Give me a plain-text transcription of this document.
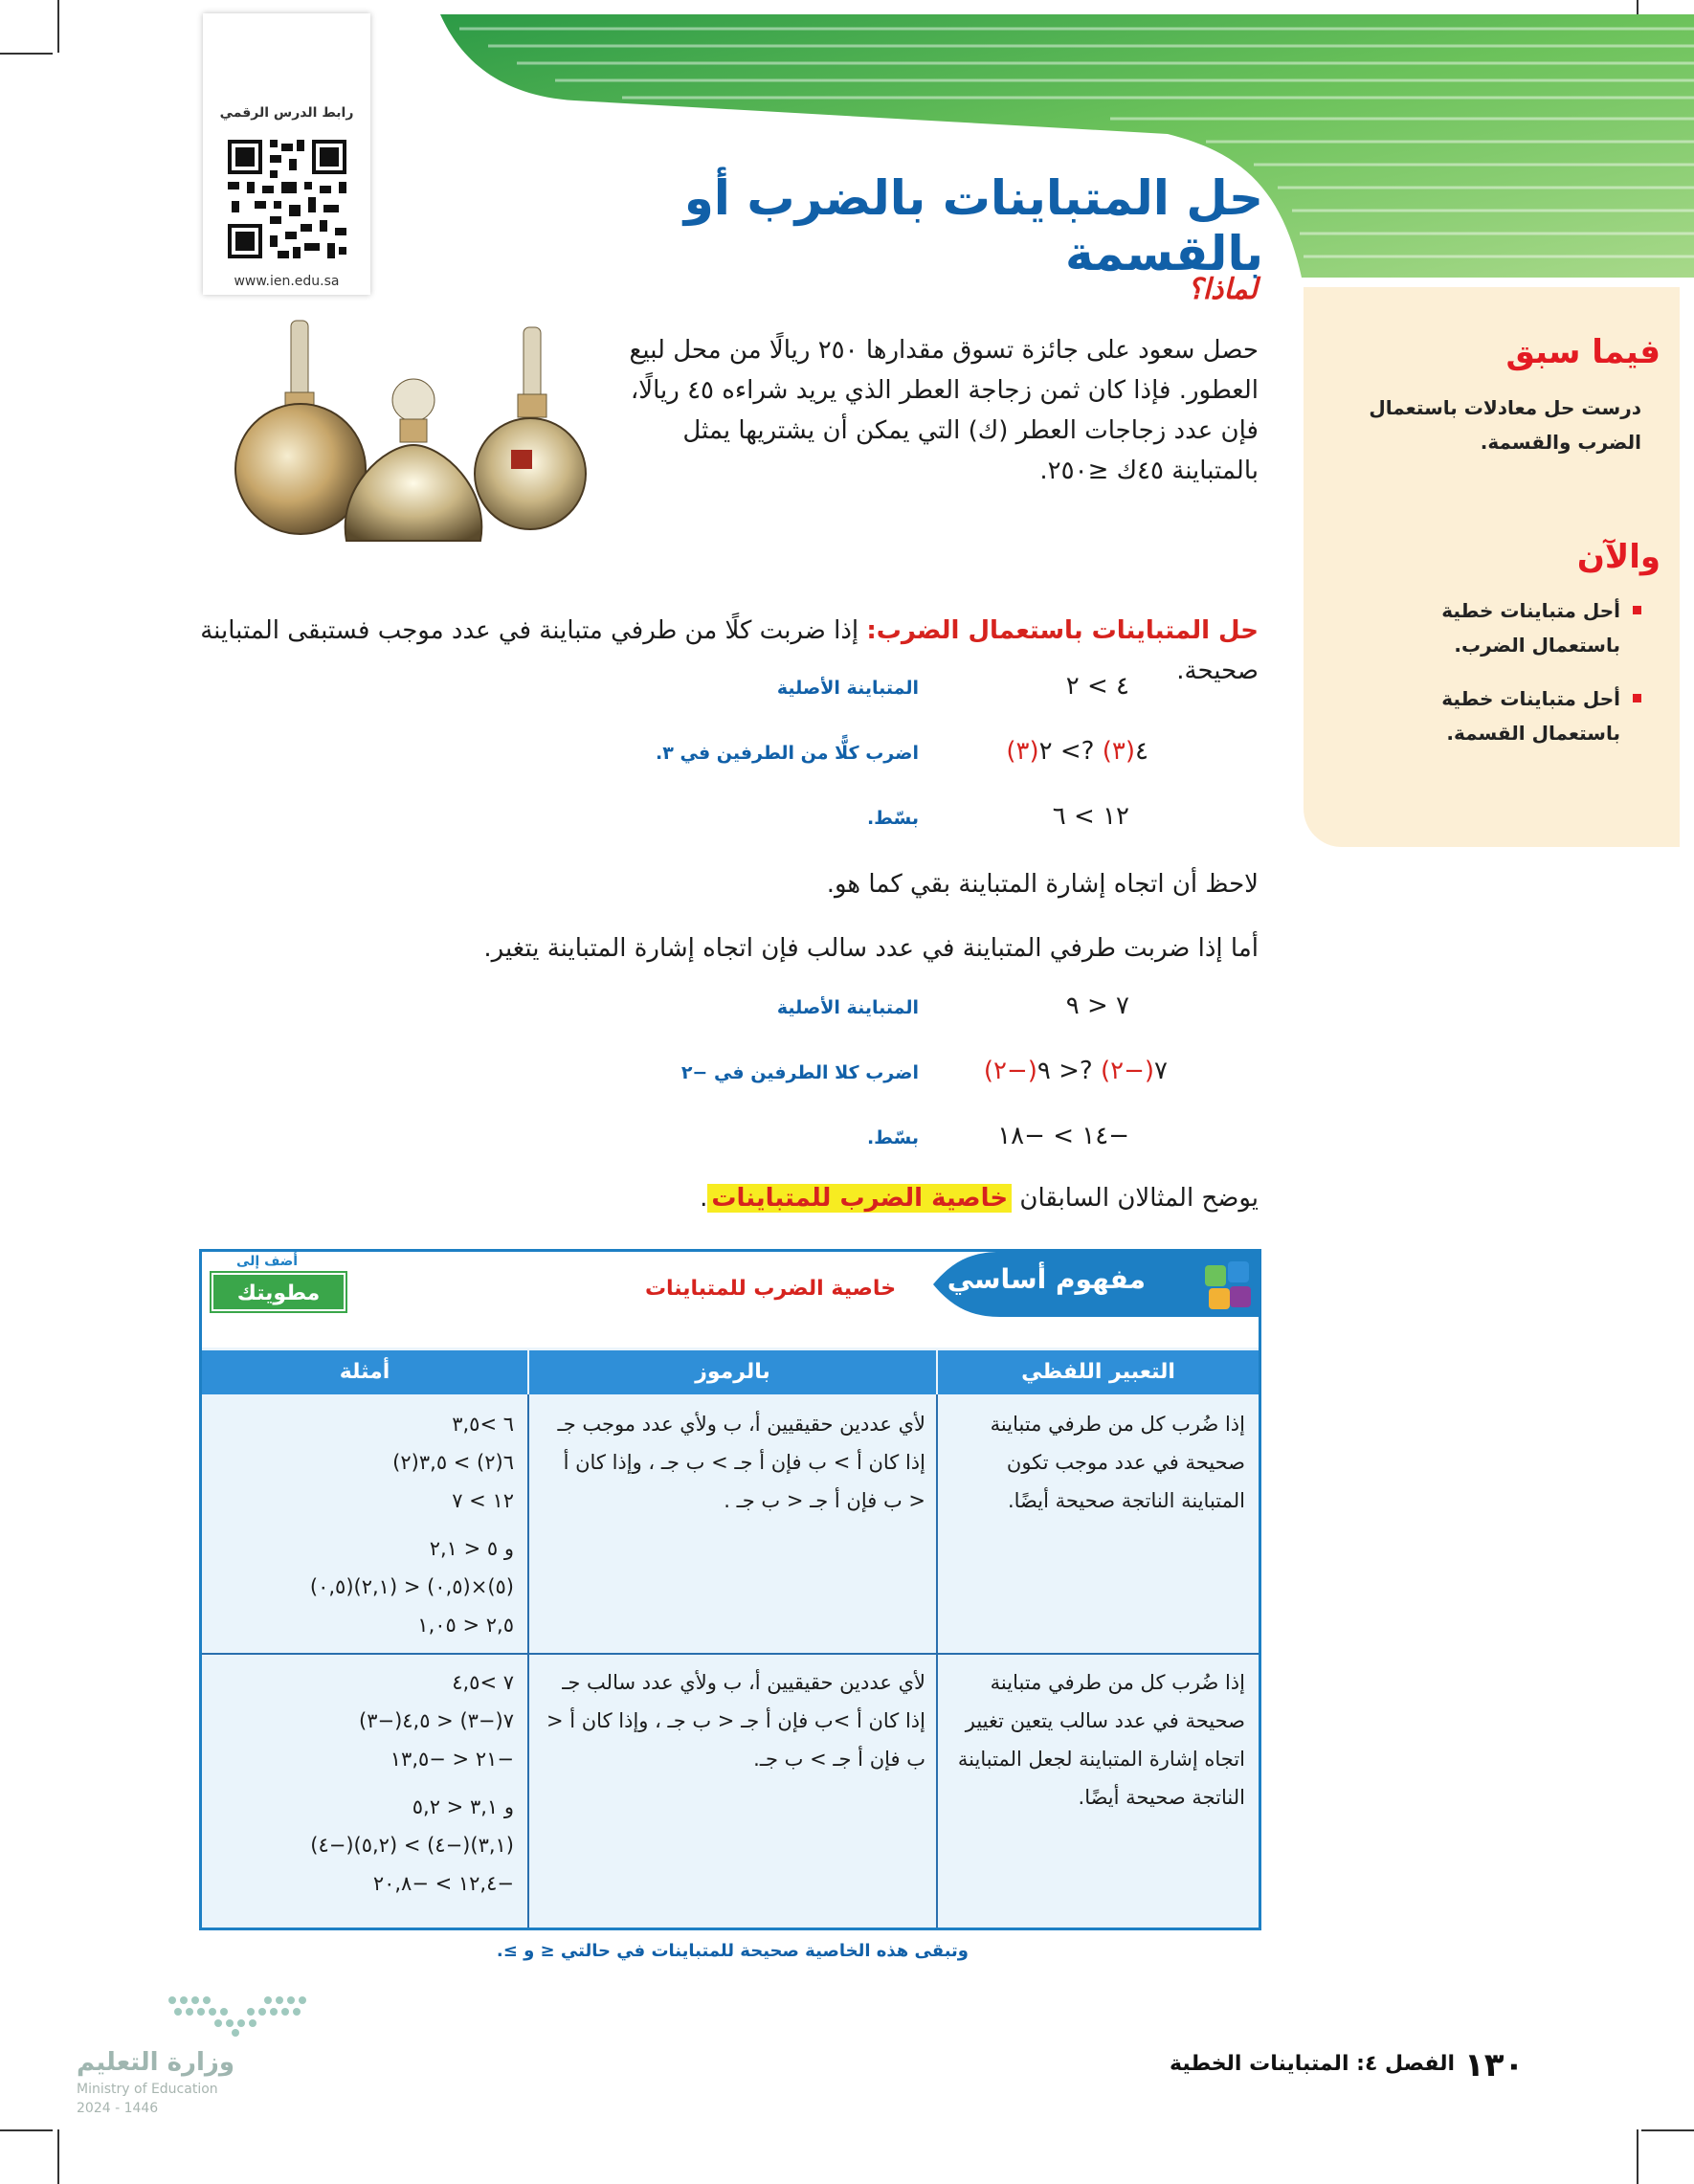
فيما سبق
درست حل معادلات باستعمال الضرب والقسمة.
والآن
أحل متباينات خطية باستعمال الضرب.
أحل متباينات خطية باستعمال القسمة.
رابط الدرس الرقمي
www.ien.edu.sa
حل المتباينات بالضرب أو بالقسمة
لماذا؟
حصل سعود على جائزة تسوق مقدارها ٢٥٠ ريالًا من محل لبيع العطور. فإذا كان ثمن زجاجة العطر الذي يريد شراءه ٤٥ ريالًا، فإن عدد زجاجات العطر (ك) التي يمكن أن يشتريها يمثل بالمتباينة ٤٥ك ≤٢٥٠.
حل المتباينات باستعمال الضرب: إذا ضربت كلًا من طرفي متباينة في عدد موجب فستبقى المتباينة صحيحة.
٤ > ٢
المتباينة الأصلية
٤(٣) ?> ٢(٣)
اضرب كلًّا من الطرفين في ٣.
١٢ > ٦
بسّط.
لاحظ أن اتجاه إشارة المتباينة بقي كما هو.
أما إذا ضربت طرفي المتباينة في عدد سالب فإن اتجاه إشارة المتباينة يتغير.
٧ < ٩
المتباينة الأصلية
٧(−٢) ?< ٩(−٢)
اضرب كلا الطرفين في −٢
−١٤ > −١٨
بسّط.
يوضح المثالان السابقان خاصية الضرب للمتباينات.
مفهوم أساسي
خاصية الضرب للمتباينات
أضف إلى
مطويتك
التعبير اللفظي
بالرموز
أمثلة
إذا ضُرب كل من طرفي متباينة صحيحة في عدد موجب تكون المتباينة الناتجة صحيحة أيضًا.
لأي عددين حقيقيين أ، ب ولأي عدد موجب جـ إذا كان أ > ب فإن أ جـ > ب جـ ، وإذا كان أ < ب فإن أ جـ < ب جـ .
٦ >٣,٥
٦(٢) > ٣,٥(٢)
١٢ > ٧
و ٥ < ٢,١
(٥)×(٠,٥) < (٢,١)(٠,٥)
٢,٥ < ١,٠٥
إذا ضُرب كل من طرفي متباينة صحيحة في عدد سالب يتعين تغيير اتجاه إشارة المتباينة لجعل المتباينة الناتجة صحيحة أيضًا.
لأي عددين حقيقيين أ، ب ولأي عدد سالب جـ إذا كان أ >ب فإن أ جـ < ب جـ ، وإذا كان أ < ب فإن أ جـ > ب جـ.
٧ >٤,٥
٧(−٣) < ٤,٥(−٣)
−٢١ < −١٣,٥
و ٣,١ < ٥,٢
(٣,١)(−٤) > (٥,٢)(−٤)
−١٢,٤ > −٢٠,٨
وتبقى هذه الخاصية صحيحة للمتباينات في حالتي ≤ و ≥.
وزارة التعليم
Ministry of Education
2024 - 1446
١٣٠
الفصل ٤: المتباينات الخطية
